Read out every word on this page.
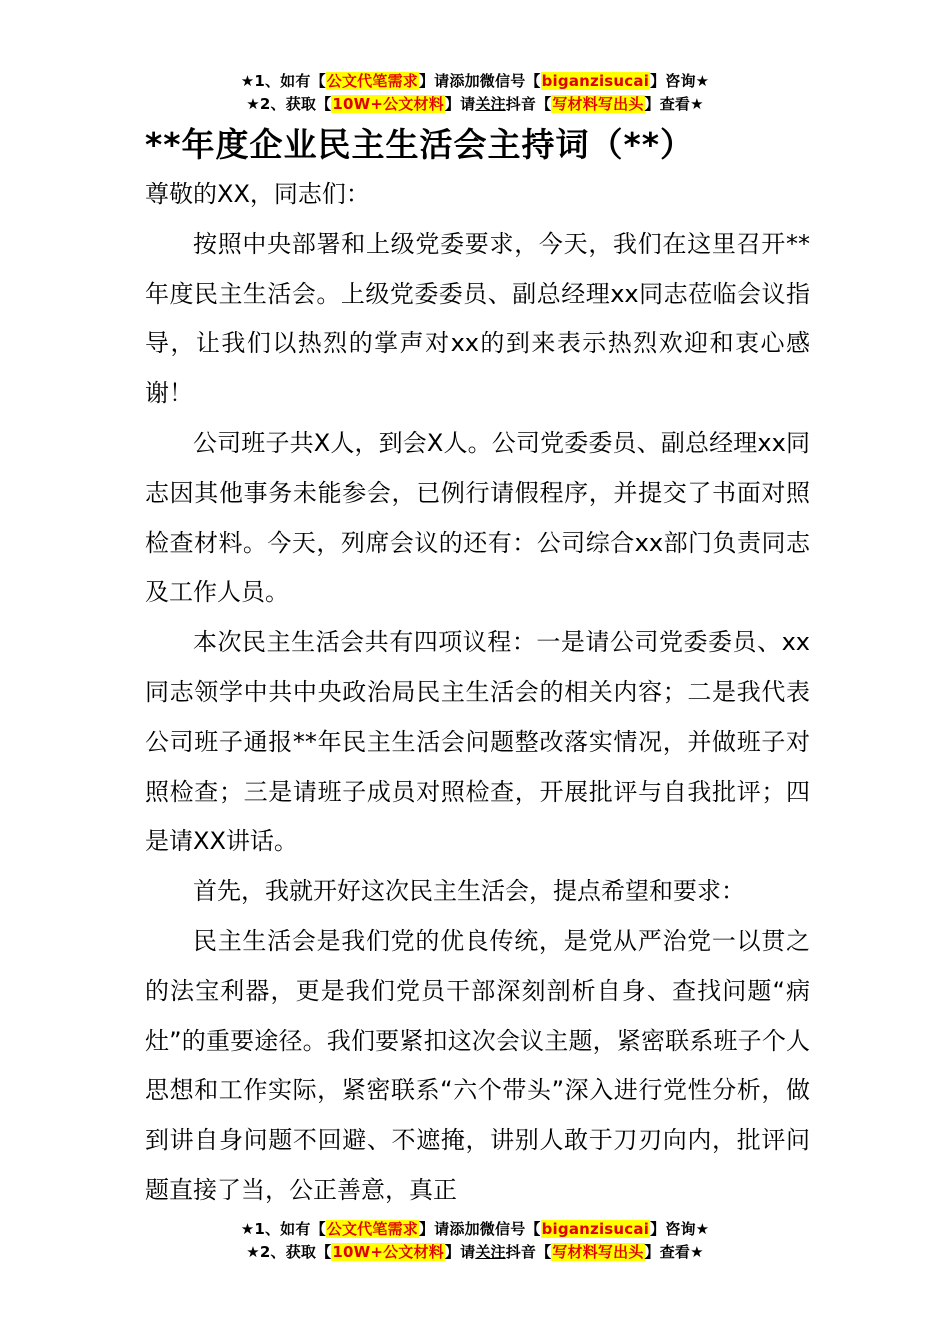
★1、如有【公文代笔需求】请添加微信号【biganzisucai】咨询★
★2、获取【10W+公文材料】请关注抖音【写材料写出头】查看★
**年度企业民主生活会主持词（**）

尊敬的XX，同志们：

按照中央部署和上级党委要求，今天，我们在这里召开**年度民主生活会。上级党委委员、副总经理xx同志莅临会议指导，让我们以热烈的掌声对xx的到来表示热烈欢迎和衷心感谢！

公司班子共X人，到会X人。公司党委委员、副总经理xx同志因其他事务未能参会，已例行请假程序，并提交了书面对照检查材料。今天，列席会议的还有：公司综合xx部门负责同志及工作人员。

本次民主生活会共有四项议程：一是请公司党委委员、xx同志领学中共中央政治局民主生活会的相关内容；二是我代表公司班子通报**年民主生活会问题整改落实情况，并做班子对照检查；三是请班子成员对照检查，开展批评与自我批评；四是请XX讲话。

首先，我就开好这次民主生活会，提点希望和要求：

民主生活会是我们党的优良传统，是党从严治党一以贯之的法宝利器，更是我们党员干部深刻剖析自身、查找问题“病灶”的重要途径。我们要紧扣这次会议主题，紧密联系班子个人思想和工作实际，紧密联系“六个带头”深入进行党性分析，做到讲自身问题不回避、不遮掩，讲别人敢于刀刃向内，批评问题直接了当，公正善意，真正

★1、如有【公文代笔需求】请添加微信号【biganzisucai】咨询★
★2、获取【10W+公文材料】请关注抖音【写材料写出头】查看★
